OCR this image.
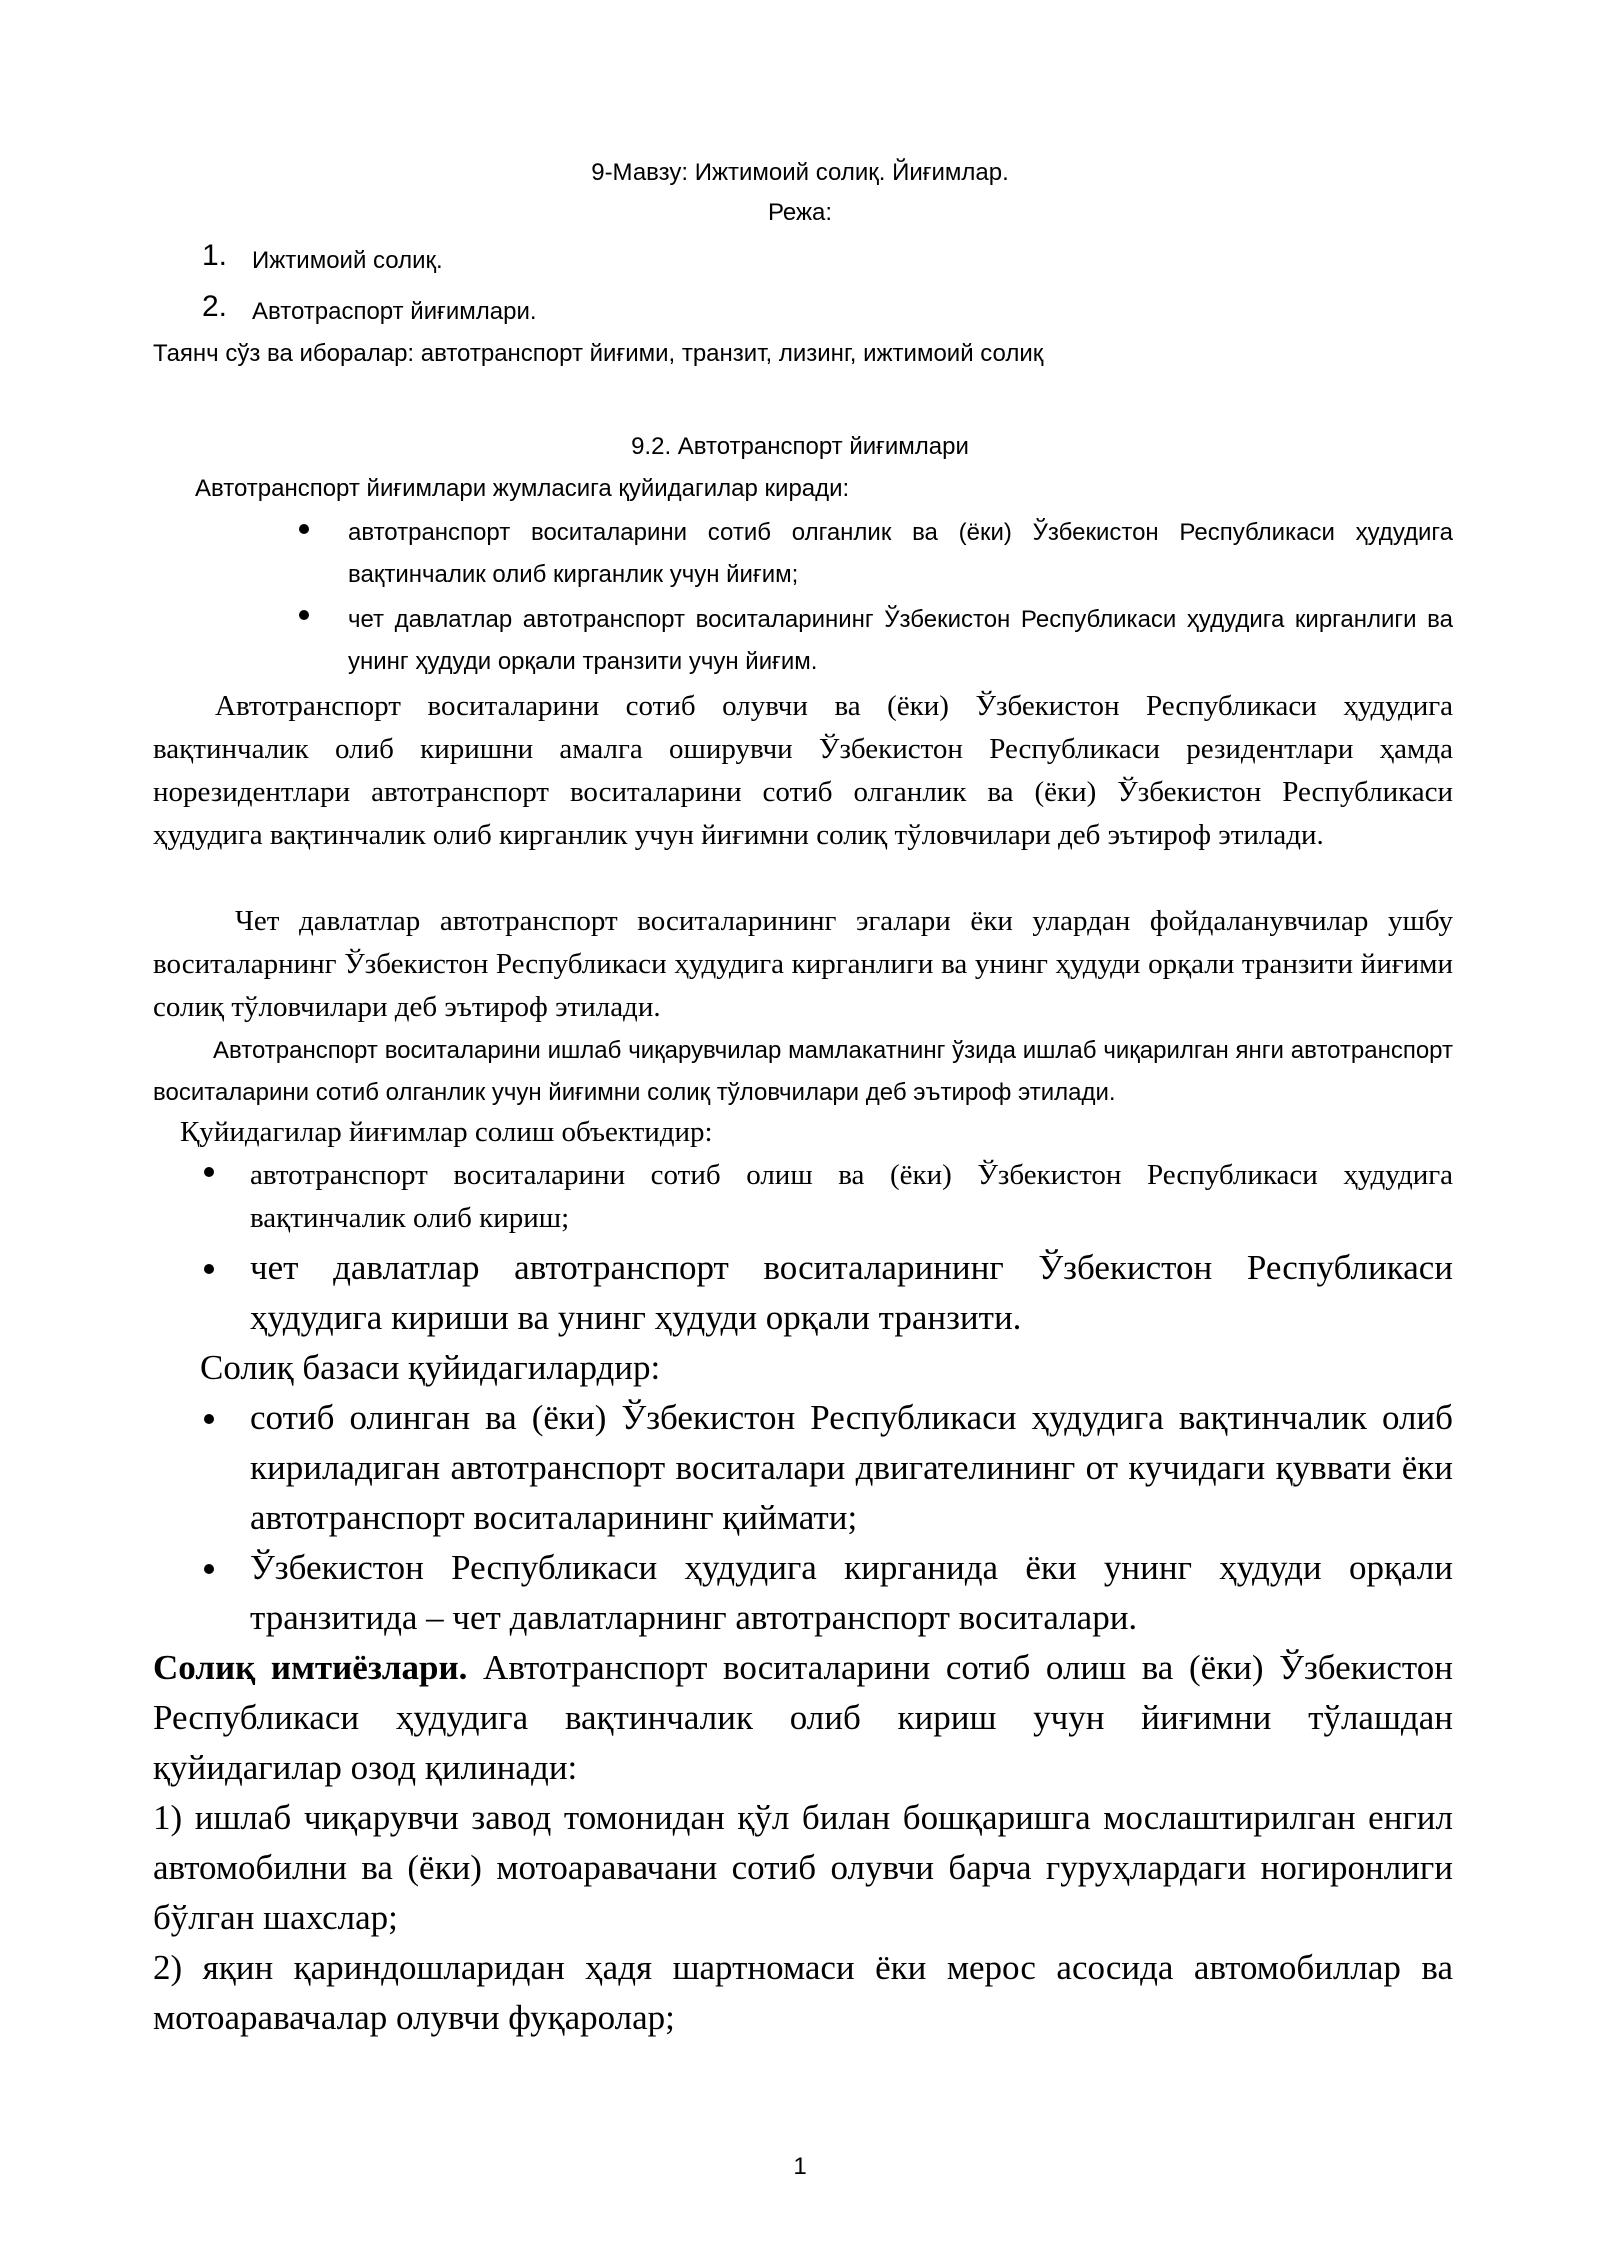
9-Мавзу: Ижтимоий солиқ. Йиғимлар.

Режа:

1. Ижтимоий солиқ.
2. Автотраспорт йиғимлари.

Таянч сўз ва иборалар: автотранспорт йиғими, транзит, лизинг, ижтимоий солиқ

9.2. Автотранспорт йиғимлари

Автотранспорт йиғимлари жумласига қуйидагилар киради:

автотранспорт воситаларини сотиб олганлик ва (ёки) Ўзбекистон Республикаси ҳудудига вақтинчалик олиб кирганлик учун йиғим;

чет давлатлар автотранспорт воситаларининг Ўзбекистон Республикаси ҳудудига кирганлиги ва унинг ҳудуди орқали транзити учун йиғим.

Автотранспорт воситаларини сотиб олувчи ва (ёки) Ўзбекистон Республикаси ҳудудига вақтинчалик олиб киришни амалга оширувчи Ўзбекистон Республикаси резидентлари ҳамда норезидентлари автотранспорт воситаларини сотиб олганлик ва (ёки) Ўзбекистон Республикаси ҳудудига вақтинчалик олиб кирганлик учун йиғимни солиқ тўловчилари деб эътироф этилади.

Чет давлатлар автотранспорт воситаларининг эгалари ёки улардан фойдаланувчилар ушбу воситаларнинг Ўзбекистон Республикаси ҳудудига кирганлиги ва унинг ҳудуди орқали транзити йиғими солиқ тўловчилари деб эътироф этилади.

Автотранспорт воситаларини ишлаб чиқарувчилар мамлакатнинг ўзида ишлаб чиқарилган янги автотранспорт воситаларини сотиб олганлик учун йиғимни солиқ тўловчилари деб эътироф этилади.

Қуйидагилар йиғимлар солиш объектидир:

автотранспорт воситаларини сотиб олиш ва (ёки) Ўзбекистон Республикаси ҳудудига вақтинчалик олиб кириш;

чет давлатлар автотранспорт воситаларининг Ўзбекистон Республикаси ҳудудига кириши ва унинг ҳудуди орқали транзити.

Солиқ базаси қуйидагилардир:

сотиб олинган ва (ёки) Ўзбекистон Республикаси ҳудудига вақтинчалик олиб кириладиган автотранспорт воситалари двигателининг от кучидаги қуввати ёки автотранспорт воситаларининг қиймати;

Ўзбекистон Республикаси ҳудудига кирганида ёки унинг ҳудуди орқали транзитида – чет давлатларнинг автотранспорт воситалари.

Солиқ имтиёзлари. Автотранспорт воситаларини сотиб олиш ва (ёки) Ўзбекистон Республикаси ҳудудига вақтинчалик олиб кириш учун йиғимни тўлашдан қуйидагилар озод қилинади:

1) ишлаб чиқарувчи завод томонидан қўл билан бошқаришга мослаштирилган енгил автомобилни ва (ёки) мотоаравачани сотиб олувчи барча гуруҳлардаги ногиронлиги бўлган шахслар;

2) яқин қариндошларидан ҳадя шартномаси ёки мерос асосида автомобиллар ва мотоаравачалар олувчи фуқаролар;

1
